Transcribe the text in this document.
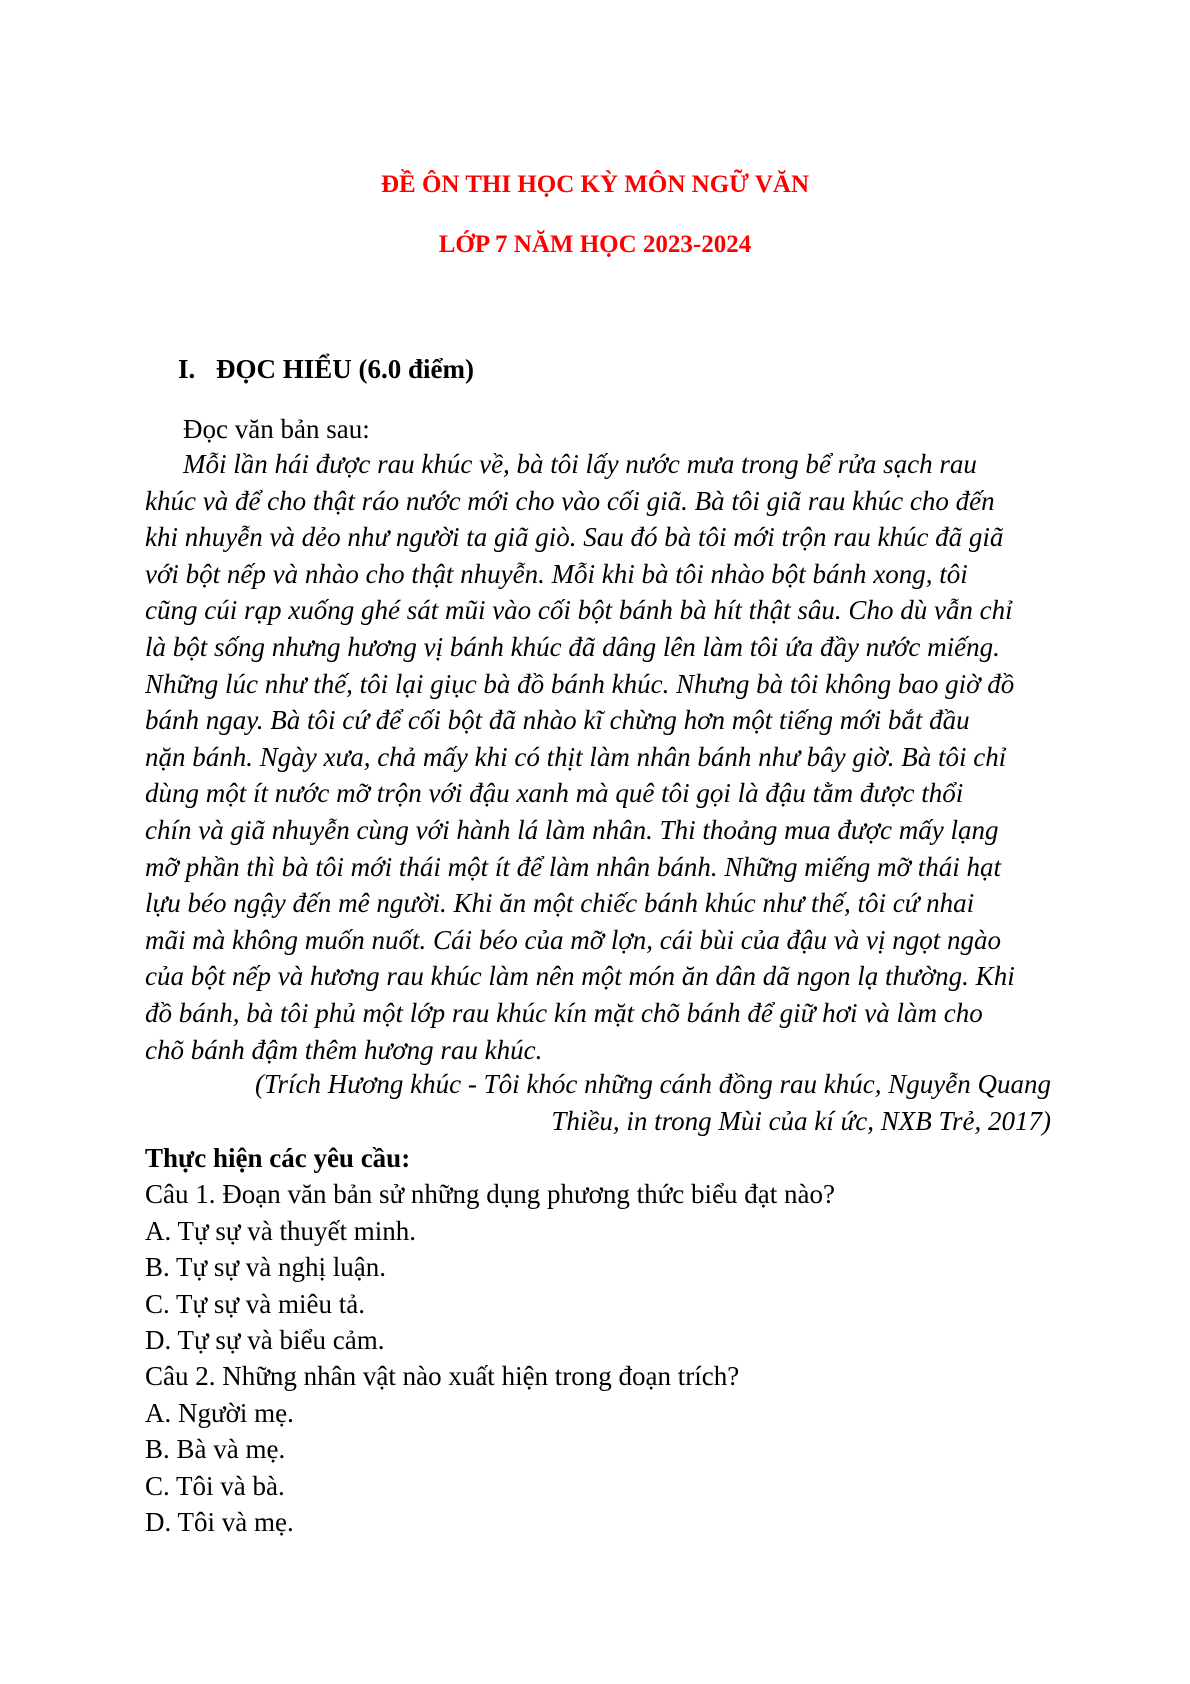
ĐỀ ÔN THI HỌC KỲ MÔN NGỮ VĂN
LỚP 7 NĂM HỌC 2023-2024
I. ĐỌC HIỂU (6.0 điểm)
Đọc văn bản sau:
Mỗi lần hái được rau khúc về, bà tôi lấy nước mưa trong bể rửa sạch rau
khúc và để cho thật ráo nước mới cho vào cối giã. Bà tôi giã rau khúc cho đến
khi nhuyễn và dẻo như người ta giã giò. Sau đó bà tôi mới trộn rau khúc đã giã
với bột nếp và nhào cho thật nhuyễn. Mỗi khi bà tôi nhào bột bánh xong, tôi
cũng cúi rạp xuống ghé sát mũi vào cối bột bánh bà hít thật sâu. Cho dù vẫn chỉ
là bột sống nhưng hương vị bánh khúc đã dâng lên làm tôi ứa đầy nước miếng.
Những lúc như thế, tôi lại giục bà đồ bánh khúc. Nhưng bà tôi không bao giờ đồ
bánh ngay. Bà tôi cứ để cối bột đã nhào kĩ chừng hơn một tiếng mới bắt đầu
nặn bánh. Ngày xưa, chả mấy khi có thịt làm nhân bánh như bây giờ. Bà tôi chỉ
dùng một ít nước mỡ trộn với đậu xanh mà quê tôi gọi là đậu tằm được thổi
chín và giã nhuyễn cùng với hành lá làm nhân. Thi thoảng mua được mấy lạng
mỡ phần thì bà tôi mới thái một ít để làm nhân bánh. Những miếng mỡ thái hạt
lựu béo ngậy đến mê người. Khi ăn một chiếc bánh khúc như thế, tôi cứ nhai
mãi mà không muốn nuốt. Cái béo của mỡ lợn, cái bùi của đậu và vị ngọt ngào
của bột nếp và hương rau khúc làm nên một món ăn dân dã ngon lạ thường. Khi
đồ bánh, bà tôi phủ một lớp rau khúc kín mặt chõ bánh để giữ hơi và làm cho
chõ bánh đậm thêm hương rau khúc.
(Trích Hương khúc - Tôi khóc những cánh đồng rau khúc, Nguyễn Quang
Thiều, in trong Mùi của kí ức, NXB Trẻ, 2017)
Thực hiện các yêu cầu:
Câu 1. Đoạn văn bản sử những dụng phương thức biểu đạt nào?
A. Tự sự và thuyết minh.
B. Tự sự và nghị luận.
C. Tự sự và miêu tả.
D. Tự sự và biểu cảm.
Câu 2. Những nhân vật nào xuất hiện trong đoạn trích?
A. Người mẹ.
B. Bà và mẹ.
C. Tôi và bà.
D. Tôi và mẹ.
